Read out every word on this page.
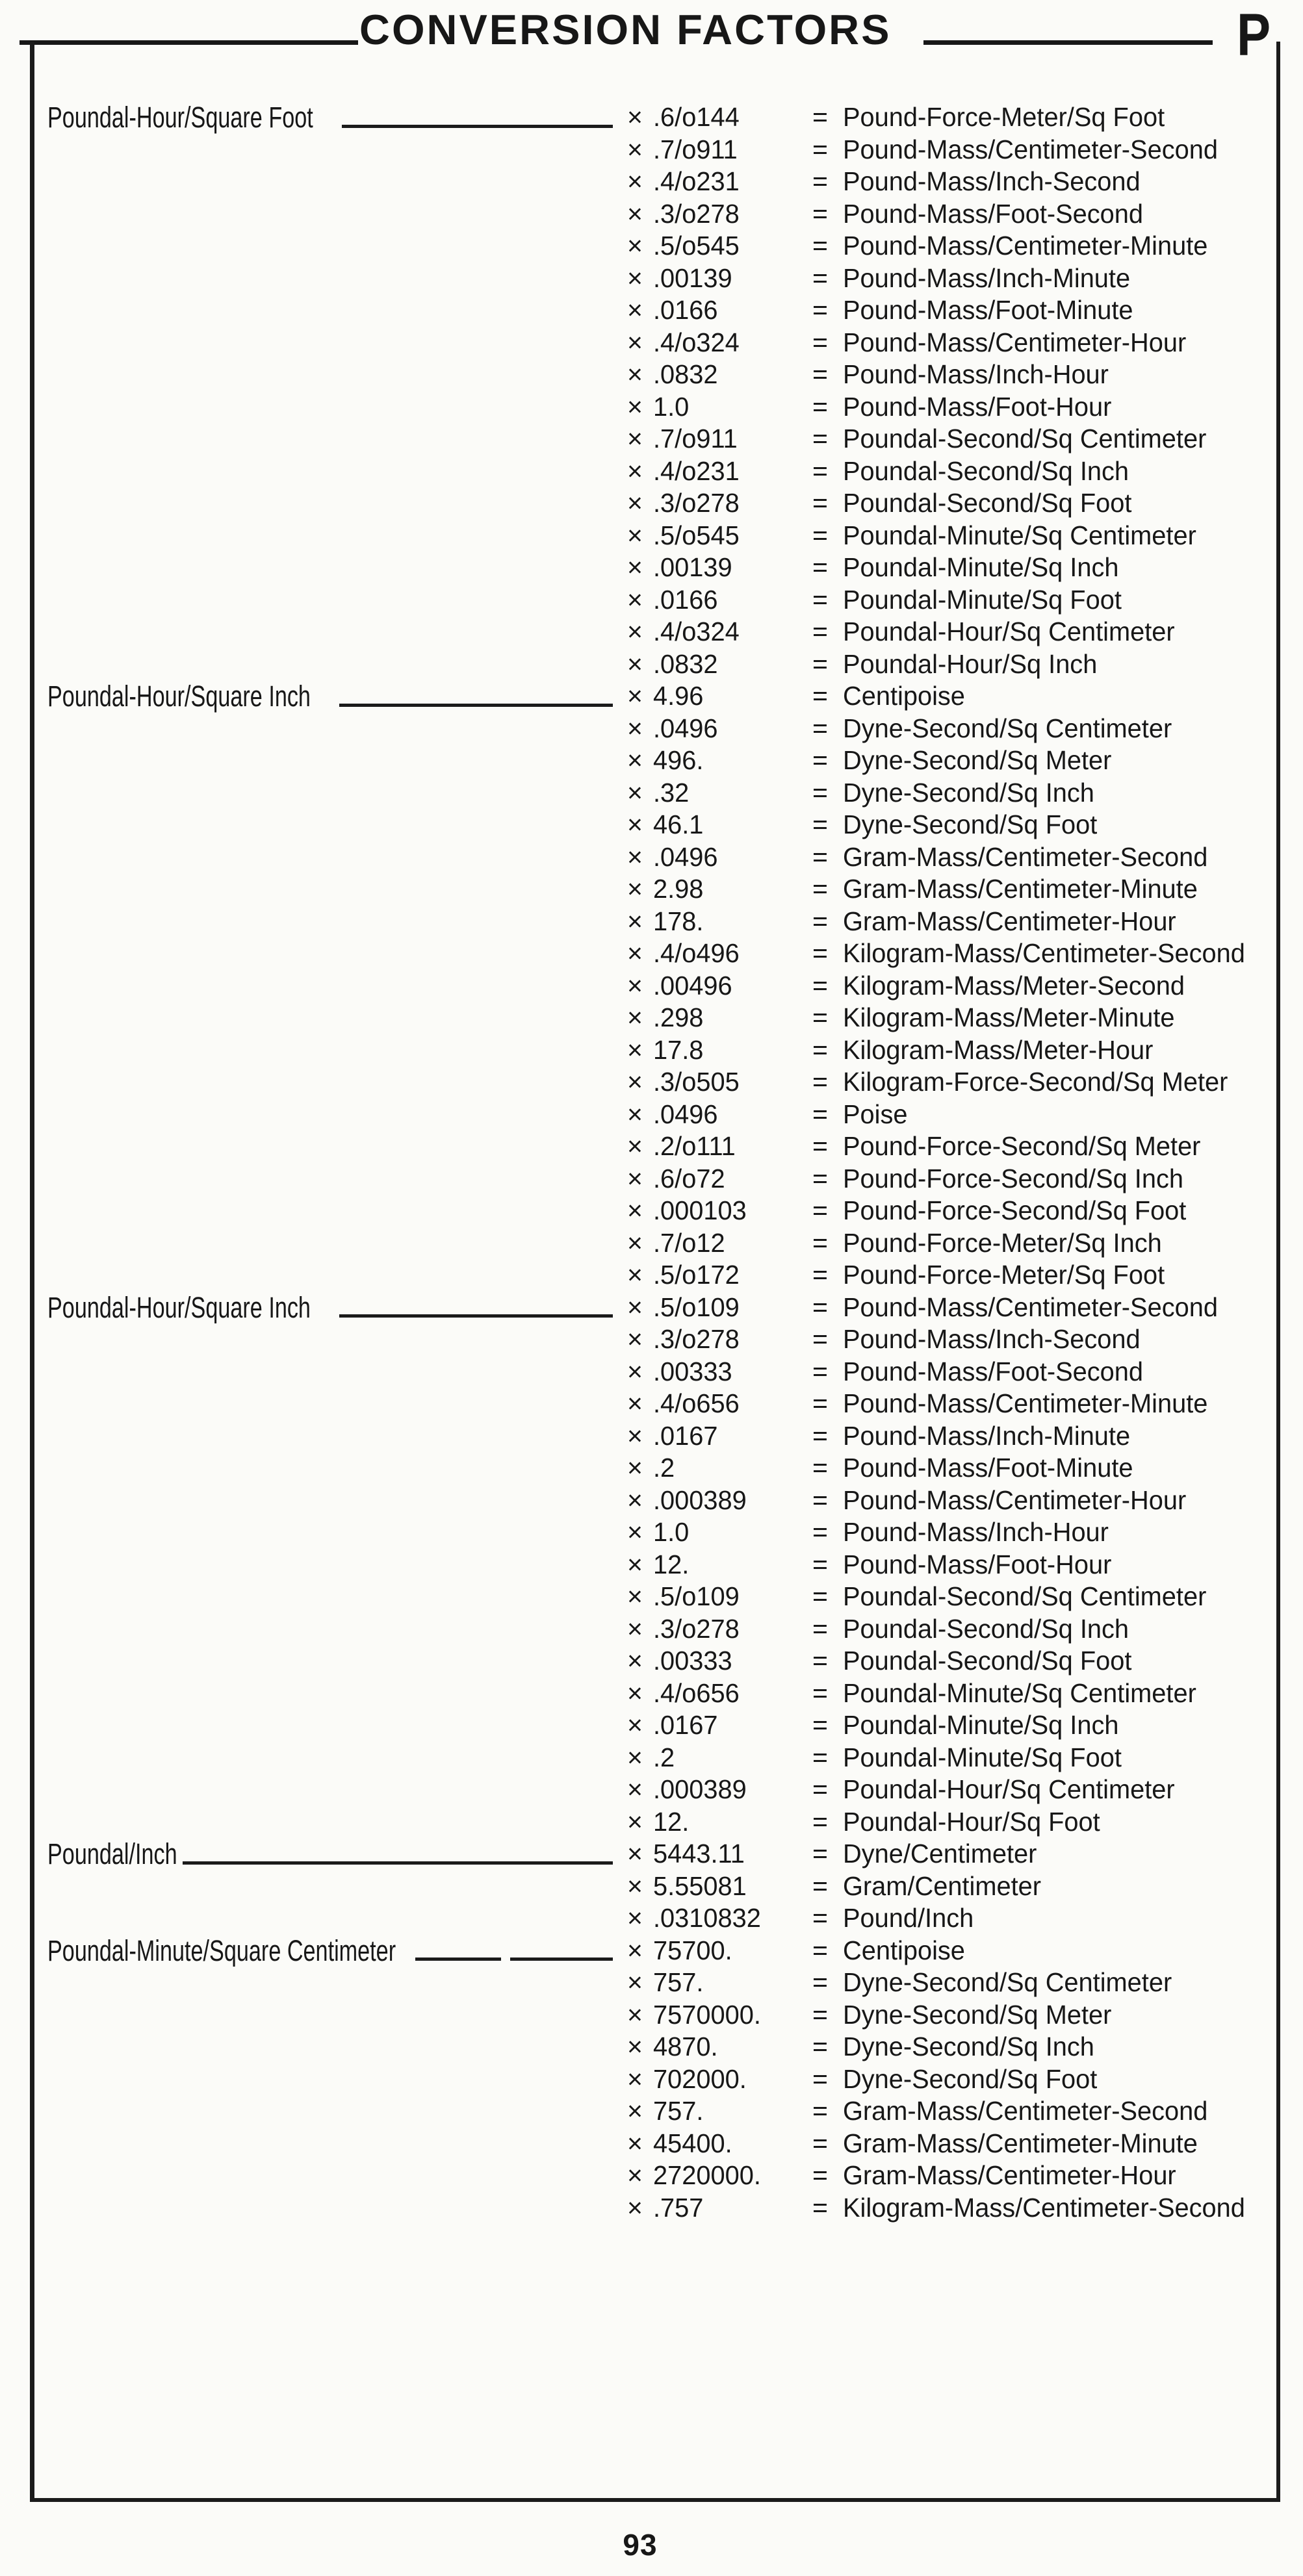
CONVERSION FACTORS	P
Poundal-Hour/Square Foot	× .6/o144	= Pound-Force-Meter/Sq Foot
× .7/o911	= Pound-Mass/Centimeter-Second
× .4/o231	= Pound-Mass/Inch-Second
× .3/o278	= Pound-Mass/Foot-Second
× .5/o545	= Pound-Mass/Centimeter-Minute
× .00139	= Pound-Mass/Inch-Minute
× .0166	= Pound-Mass/Foot-Minute
× .4/o324	= Pound-Mass/Centimeter-Hour
× .0832	= Pound-Mass/Inch-Hour
× 1.0	= Pound-Mass/Foot-Hour
× .7/o911	= Poundal-Second/Sq Centimeter
× .4/o231	= Poundal-Second/Sq Inch
× .3/o278	= Poundal-Second/Sq Foot
× .5/o545	= Poundal-Minute/Sq Centimeter
× .00139	= Poundal-Minute/Sq Inch
× .0166	= Poundal-Minute/Sq Foot
× .4/o324	= Poundal-Hour/Sq Centimeter
× .0832	= Poundal-Hour/Sq Inch
Poundal-Hour/Square Inch	× 4.96	= Centipoise
× .0496	= Dyne-Second/Sq Centimeter
× 496.	= Dyne-Second/Sq Meter
× .32	= Dyne-Second/Sq Inch
× 46.1	= Dyne-Second/Sq Foot
× .0496	= Gram-Mass/Centimeter-Second
× 2.98	= Gram-Mass/Centimeter-Minute
× 178.	= Gram-Mass/Centimeter-Hour
× .4/o496	= Kilogram-Mass/Centimeter-Second
× .00496	= Kilogram-Mass/Meter-Second
× .298	= Kilogram-Mass/Meter-Minute
× 17.8	= Kilogram-Mass/Meter-Hour
× .3/o505	= Kilogram-Force-Second/Sq Meter
× .0496	= Poise
× .2/o111	= Pound-Force-Second/Sq Meter
× .6/o72	= Pound-Force-Second/Sq Inch
× .000103 = Pound-Force-Second/Sq Foot
× .7/o12	= Pound-Force-Meter/Sq Inch
× .5/o172	= Pound-Force-Meter/Sq Foot
Poundal-Hour/Square Inch	× .5/o109	= Pound-Mass/Centimeter-Second
× .3/o278	= Pound-Mass/Inch-Second
× .00333	= Pound-Mass/Foot-Second
× .4/o656	= Pound-Mass/Centimeter-Minute
× .0167	= Pound-Mass/Inch-Minute
× .2	= Pound-Mass/Foot-Minute
× .000389 = Pound-Mass/Centimeter-Hour
× 1.0	= Pound-Mass/Inch-Hour
× 12.	= Pound-Mass/Foot-Hour
× .5/o109	= Poundal-Second/Sq Centimeter
× .3/o278	= Poundal-Second/Sq Inch
× .00333	= Poundal-Second/Sq Foot
× .4/o656	= Poundal-Minute/Sq Centimeter
× .0167	= Poundal-Minute/Sq Inch
× .2	= Poundal-Minute/Sq Foot
× .000389 = Poundal-Hour/Sq Centimeter
× 12.	= Poundal-Hour/Sq Foot
Poundal/Inch	× 5443.11	= Dyne/Centimeter
× 5.55081 = Gram/Centimeter
× .0310832 = Pound/Inch
Poundal-Minute/Square Centimeter	× 75700.	= Centipoise
× 757.	= Dyne-Second/Sq Centimeter
× 7570000. = Dyne-Second/Sq Meter
× 4870.	= Dyne-Second/Sq Inch
× 702000. = Dyne-Second/Sq Foot
× 757.	= Gram-Mass/Centimeter-Second
× 45400.	= Gram-Mass/Centimeter-Minute
× 2720000. = Gram-Mass/Centimeter-Hour
× .757	= Kilogram-Mass/Centimeter-Second
93
